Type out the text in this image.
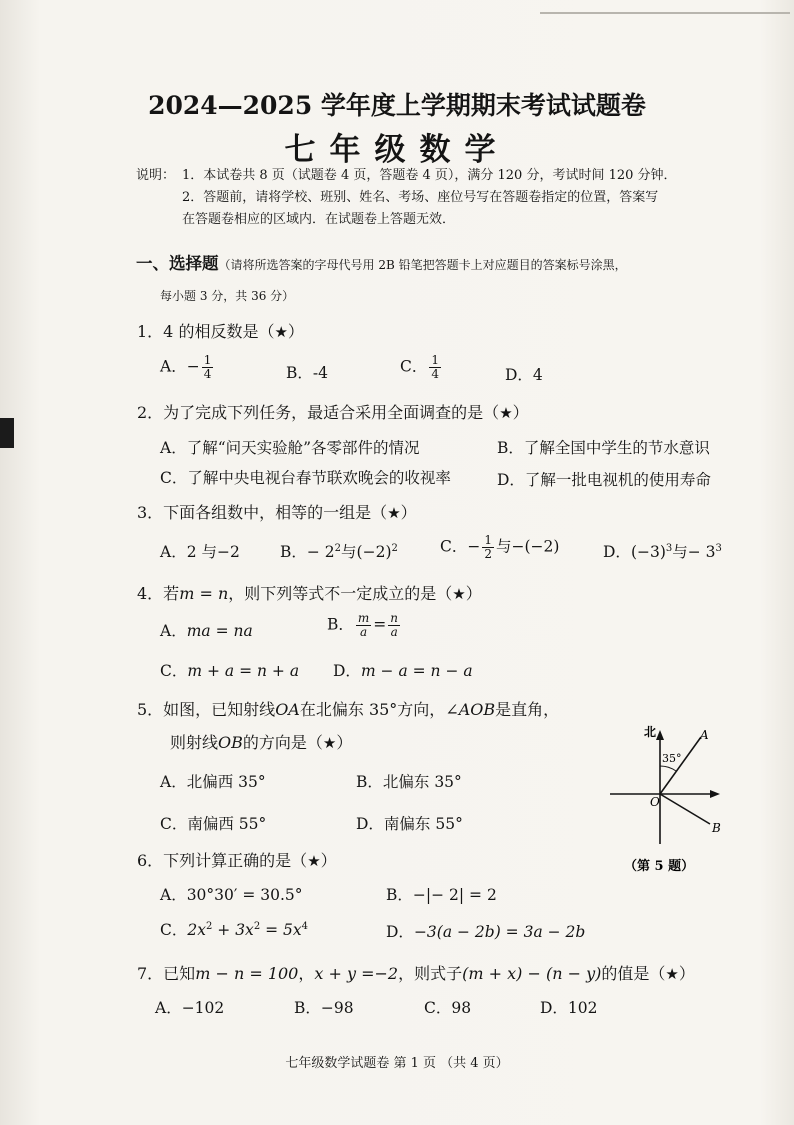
2024—2025 学年度上学期期末考试试题卷
七年级数学
说明： 1．本试卷共 8 页（试题卷 4 页，答题卷 4 页），满分 120 分，考试时间 120 分钟．
2．答题前，请将学校、班别、姓名、考场、座位号写在答题卷指定的位置，答案写
在答题卷相应的区域内．在试题卷上答题无效．
一、选择题（请将所选答案的字母代号用 2B 铅笔把答题卡上对应题目的答案标号涂黑，
每小题 3 分，共 36 分）
1．4 的相反数是（★）
A．− $\frac{1}{4}$	B．-4	C． $\frac{1}{4}$	D．4
2．为了完成下列任务，最适合采用全面调查的是（★）
A．了解“问天实验舱”各零部件的情况	B．了解全国中学生的节水意识
C．了解中央电视台春节联欢晚会的收视率	D．了解一批电视机的使用寿命
3．下面各组数中，相等的一组是（★）
A．2 与−2	B．− $2^2$与$(-2)^2$	C．− $\frac{1}{2}$ 与−(−2)	D．$(-3)^3$与− $3^3$
4．若m = n，则下列等式不一定成立的是（★）
A．ma = na	B． $\frac{m}{a} = \frac{n}{a}$
C．m + a = n + a D．m − a = n − a
5．如图，已知射线OA在北偏东 35°方向，∠AOB是直角，
则射线OB的方向是（★）
A．北偏西 35°	B．北偏东 35°
C．南偏西 55°	D．南偏东 55°
北	A
B
O
35°
（第 5 题）
6．下列计算正确的是（★）
A．30°30′ = 30.5°	B．−|− 2| = 2
C．$2x^2 + 3x^2 = 5x^4$	D．−3(a − 2b) = 3a − 2b
7．已知m − n = 100，x + y =−2，则式子(m + x) − (n − y)的值是（★）
A．−102	B．−98	C．98	D．102
七年级数学试题卷 第 1 页 （共 4 页）
